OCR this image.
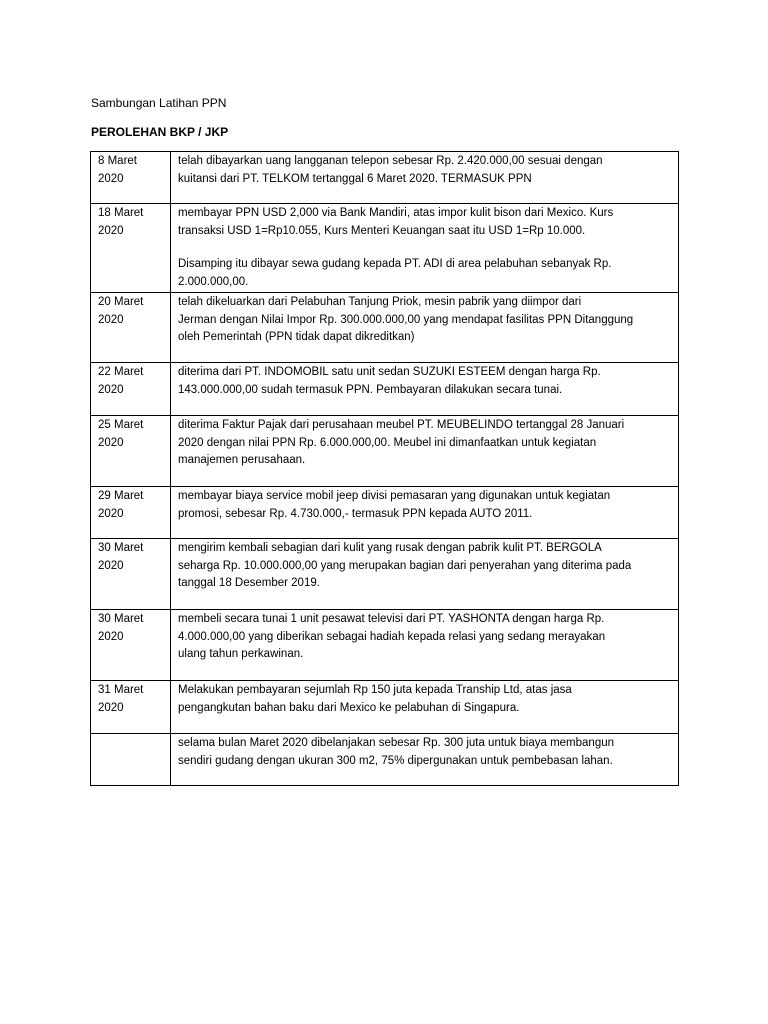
Sambungan Latihan PPN
PEROLEHAN BKP / JKP
8 Maret
2020	telah dibayarkan uang langganan telepon sebesar Rp. 2.420.000,00 sesuai dengan
kuitansi dari PT. TELKOM tertanggal 6 Maret 2020. TERMASUK PPN

18 Maret
2020	membayar PPN USD 2,000 via Bank Mandiri, atas impor kulit bison dari Mexico. Kurs
transaksi USD 1=Rp10.055, Kurs Menteri Keuangan saat itu USD 1=Rp 10.000.
Disamping itu dibayar sewa gudang kepada PT. ADI di area pelabuhan sebanyak Rp.
2.000.000,00.

20 Maret
2020	telah dikeluarkan dari Pelabuhan Tanjung Priok, mesin pabrik yang diimpor dari
Jerman dengan Nilai Impor Rp. 300.000.000,00 yang mendapat fasilitas PPN Ditanggung
oleh Pemerintah (PPN tidak dapat dikreditkan)

22 Maret
2020	diterima dari PT. INDOMOBIL satu unit sedan SUZUKI ESTEEM dengan harga Rp.
143.000.000,00 sudah termasuk PPN. Pembayaran dilakukan secara tunai.

25 Maret
2020	diterima Faktur Pajak dari perusahaan meubel PT. MEUBELINDO tertanggal 28 Januari
2020 dengan nilai PPN Rp. 6.000.000,00. Meubel ini dimanfaatkan untuk kegiatan
manajemen perusahaan.

29 Maret
2020	membayar biaya service mobil jeep divisi pemasaran yang digunakan untuk kegiatan
promosi, sebesar Rp. 4.730.000,- termasuk PPN kepada AUTO 2011.

30 Maret
2020	mengirim kembali sebagian dari kulit yang rusak dengan pabrik kulit PT. BERGOLA
seharga Rp. 10.000.000,00 yang merupakan bagian dari penyerahan yang diterima pada
tanggal 18 Desember 2019.

30 Maret
2020	membeli secara tunai 1 unit pesawat televisi dari PT. YASHONTA dengan harga Rp.
4.000.000,00 yang diberikan sebagai hadiah kepada relasi yang sedang merayakan
ulang tahun perkawinan.

31 Maret
2020	Melakukan pembayaran sejumlah Rp 150 juta kepada Tranship Ltd, atas jasa
pengangkutan bahan baku dari Mexico ke pelabuhan di Singapura.

	selama bulan Maret 2020 dibelanjakan sebesar Rp. 300 juta untuk biaya membangun
sendiri gudang dengan ukuran 300 m2, 75% dipergunakan untuk pembebasan lahan.
